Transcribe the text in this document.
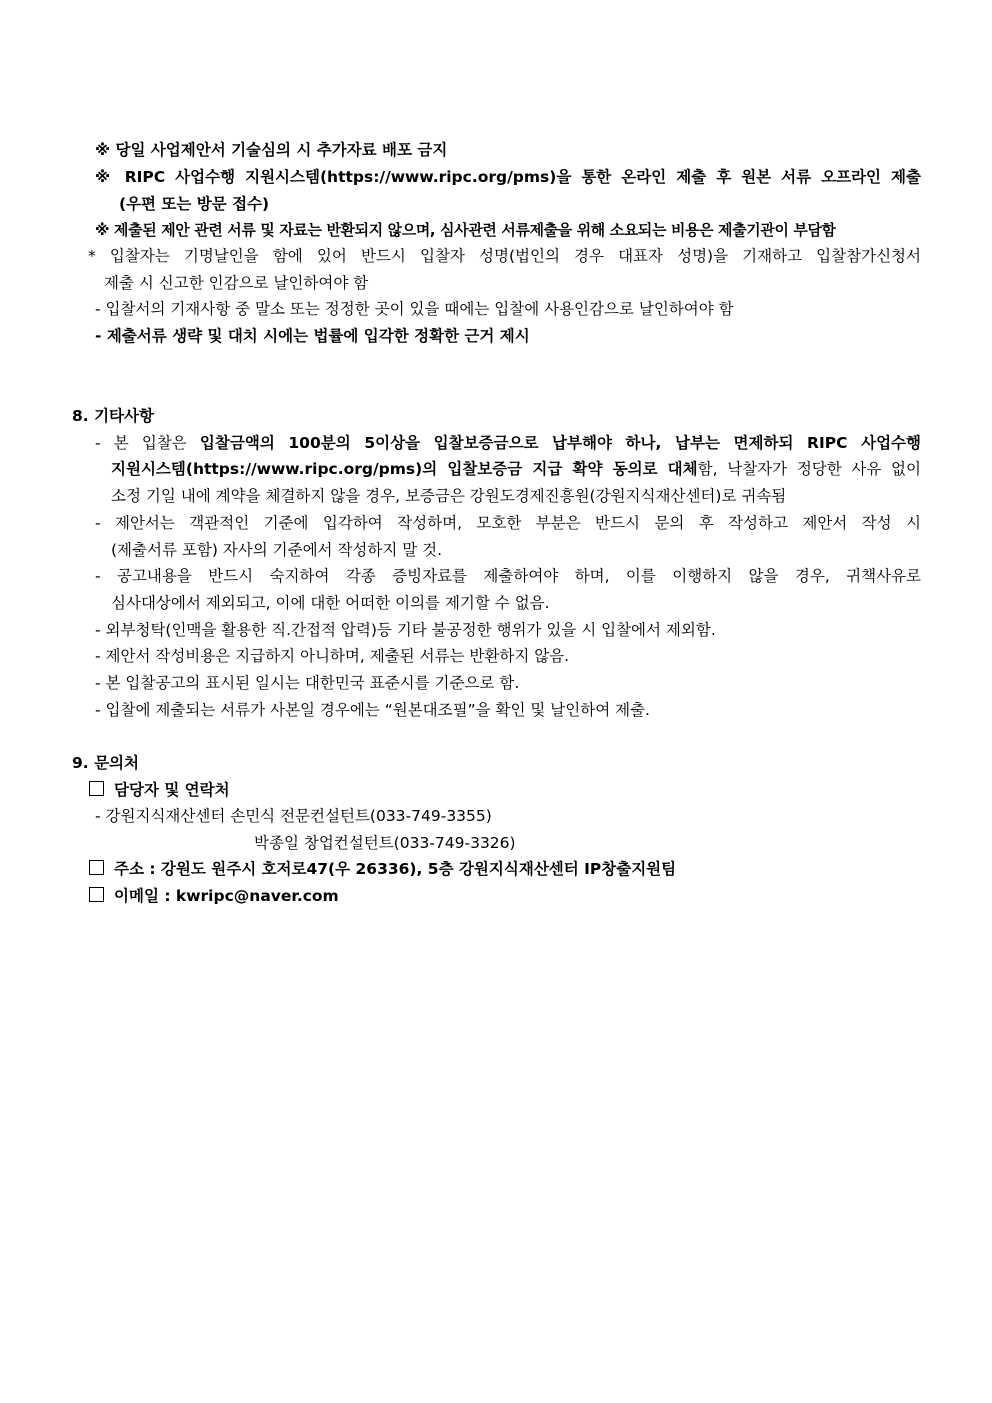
※ 당일 사업제안서 기술심의 시 추가자료 배포 금지
※ RIPC 사업수행 지원시스템(https://www.ripc.org/pms)을 통한 온라인 제출 후 원본 서류 오프라인 제출
(우편 또는 방문 접수)
※ 제출된 제안 관련 서류 및 자료는 반환되지 않으며, 심사관련 서류제출을 위해 소요되는 비용은 제출기관이 부담함
* 입찰자는 기명날인을 함에 있어 반드시 입찰자 성명(법인의 경우 대표자 성명)을 기재하고 입찰참가신청서
제출 시 신고한 인감으로 날인하여야 함
- 입찰서의 기재사항 중 말소 또는 정정한 곳이 있을 때에는 입찰에 사용인감으로 날인하여야 함
- 제출서류 생략 및 대치 시에는 법률에 입각한 정확한 근거 제시
8. 기타사항
- 본 입찰은 입찰금액의 100분의 5이상을 입찰보증금으로 납부해야 하나, 납부는 면제하되 RIPC 사업수행
지원시스템(https://www.ripc.org/pms)의 입찰보증금 지급 확약 동의로 대체함, 낙찰자가 정당한 사유 없이
소정 기일 내에 계약을 체결하지 않을 경우, 보증금은 강원도경제진흥원(강원지식재산센터)로 귀속됨
- 제안서는 객관적인 기준에 입각하여 작성하며, 모호한 부분은 반드시 문의 후 작성하고 제안서 작성 시
(제출서류 포함) 자사의 기준에서 작성하지 말 것.
- 공고내용을 반드시 숙지하여 각종 증빙자료를 제출하여야 하며, 이를 이행하지 않을 경우, 귀책사유로
심사대상에서 제외되고, 이에 대한 어떠한 이의를 제기할 수 없음.
- 외부청탁(인맥을 활용한 직.간접적 압력)등 기타 불공정한 행위가 있을 시 입찰에서 제외함.
- 제안서 작성비용은 지급하지 아니하며, 제출된 서류는 반환하지 않음.
- 본 입찰공고의 표시된 일시는 대한민국 표준시를 기준으로 함.
- 입찰에 제출되는 서류가 사본일 경우에는 “원본대조필”을 확인 및 날인하여 제출.
9. 문의처
담당자 및 연락처
- 강원지식재산센터 손민식 전문컨설턴트(033-749-3355)
박종일 창업컨설턴트(033-749-3326)
주소 : 강원도 원주시 호저로47(우 26336), 5층 강원지식재산센터 IP창출지원팀
이메일 : kwripc@naver.com
